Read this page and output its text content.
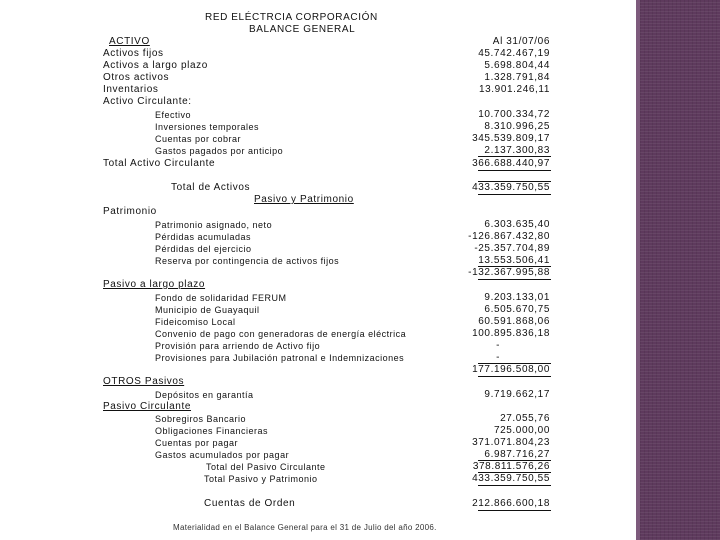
RED ELÉCTRCIA CORPORACIÓN
BALANCE GENERAL
ACTIVO	Al 31/07/06
Activos fijos	45.742.467,19
Activos a largo plazo	5.698.804,44
Otros activos	1.328.791,84
Inventarios	13.901.246,11
Activo Circulante:
Efectivo	10.700.334,72
Inversiones temporales	8.310.996,25
Cuentas por cobrar	345.539.809,17
Gastos pagados por anticipo	2.137.300,83
Total Activo Circulante	366.688.440,97
Total de Activos	433.359.750,55
Pasivo y Patrimonio
Patrimonio
Patrimonio asignado, neto	6.303.635,40
Pérdidas acumuladas	-126.867.432,80
Pérdidas del ejercicio	-25.357.704,89
Reserva por contingencia de activos fijos	13.553.506,41
-132.367.995,88
Pasivo a largo plazo
Fondo de solidaridad FERUM	9.203.133,01
Municipio de Guayaquil	6.505.670,75
Fideicomiso Local	60.591.868,06
Convenio de pago con generadoras de energía eléctrica	100.895.836,18
Provisión para arriendo de Activo fijo	-
Provisiones para Jubilación patronal e Indemnizaciones	-
177.196.508,00
OTROS Pasivos
Depósitos en garantía	9.719.662,17
Pasivo Circulante
Sobregiros Bancario	27.055,76
Obligaciones Financieras	725.000,00
Cuentas por pagar	371.071.804,23
Gastos acumulados por pagar	6.987.716,27
Total del Pasivo Circulante	378.811.576,26
Total Pasivo y Patrimonio	433.359.750,55
Cuentas de Orden	212.866.600,18
Materialidad en el Balance General para el 31 de Julio del año 2006.
